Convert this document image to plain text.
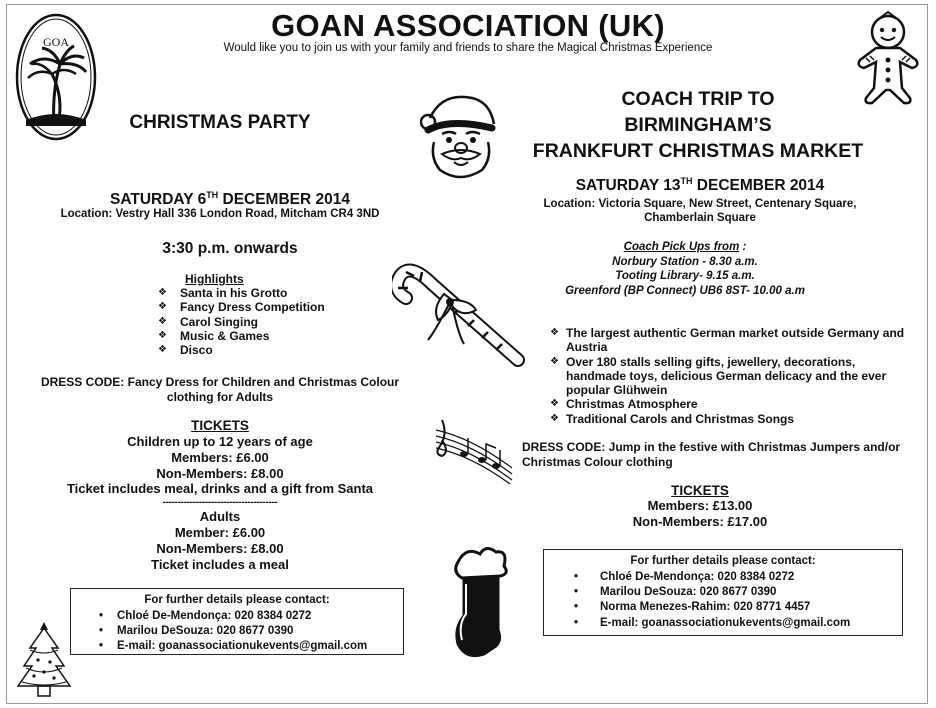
GOAN ASSOCIATION (UK)
Would like you to join us with your family and friends to share the Magical Christmas Experience
GOA
CHRISTMAS PARTY
SATURDAY 6TH DECEMBER 2014
Location: Vestry Hall 336 London Road, Mitcham CR4 3ND
3:30 p.m. onwards
Highlights
❖ Santa in his Grotto
❖ Fancy Dress Competition
❖ Carol Singing
❖ Music & Games
❖ Disco
DRESS CODE: Fancy Dress for Children and Christmas Colour clothing for Adults
TICKETS
Children up to 12 years of age
Members: £6.00
Non-Members: £8.00
Ticket includes meal, drinks and a gift from Santa
--------------------------------------
Adults
Member: £6.00
Non-Members: £8.00
Ticket includes a meal
For further details please contact:
• Chloé De-Mendonça: 020 8384 0272
• Marilou DeSouza: 020 8677 0390
• E-mail: goanassociationukevents@gmail.com
COACH TRIP TO
BIRMINGHAM’S
FRANKFURT CHRISTMAS MARKET
SATURDAY 13TH DECEMBER 2014
Location: Victoria Square, New Street, Centenary Square, Chamberlain Square
Coach Pick Ups from :
Norbury Station - 8.30 a.m.
Tooting Library- 9.15 a.m.
Greenford (BP Connect) UB6 8ST- 10.00 a.m
❖ The largest authentic German market outside Germany and Austria
❖ Over 180 stalls selling gifts, jewellery, decorations, handmade toys, delicious German delicacy and the ever popular Glühwein
❖ Christmas Atmosphere
❖ Traditional Carols and Christmas Songs
DRESS CODE: Jump in the festive with Christmas Jumpers and/or Christmas Colour clothing
TICKETS
Members: £13.00
Non-Members: £17.00
For further details please contact:
• Chloé De-Mendonça: 020 8384 0272
• Marilou DeSouza: 020 8677 0390
• Norma Menezes-Rahim: 020 8771 4457
• E-mail: goanassociationukevents@gmail.com
